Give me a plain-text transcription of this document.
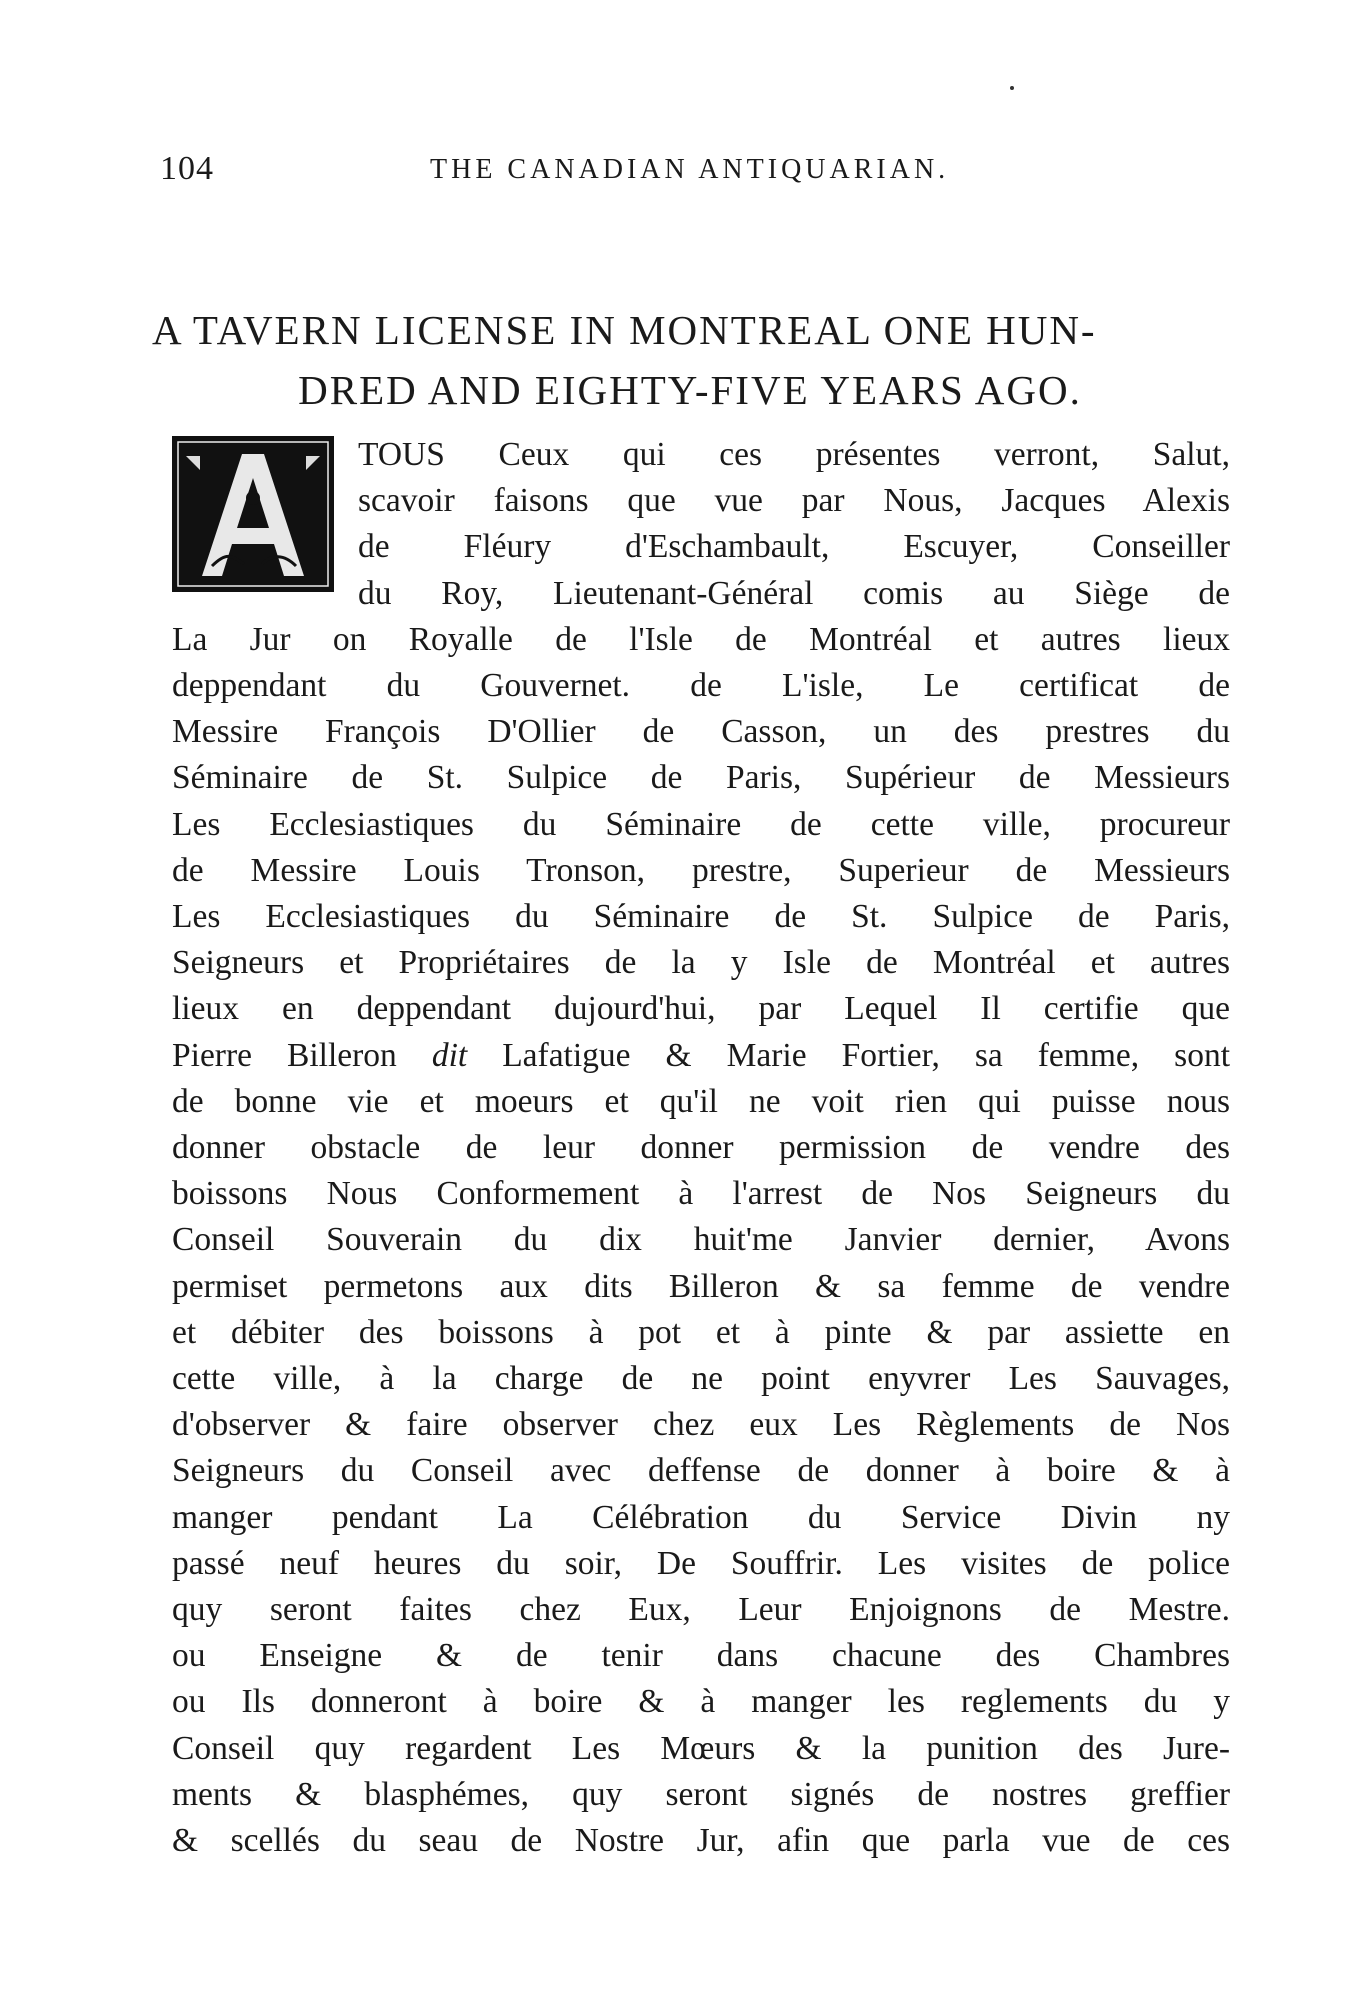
104	THE CANADIAN ANTIQUARIAN.
A TAVERN LICENSE IN MONTREAL ONE HUN-
DRED AND EIGHTY-FIVE YEARS AGO.
TOUS Ceux qui ces présentes verront, Salut,
scavoir faisons que vue par Nous, Jacques Alexis
de Fléury d'Eschambault, Escuyer, Conseiller
du Roy, Lieutenant-Général comis au Siège de
La Jur on Royalle de l'Isle de Montréal et autres lieux
deppendant du Gouvernet. de L'isle, Le certificat de
Messire François D'Ollier de Casson, un des prestres du
Séminaire de St. Sulpice de Paris, Supérieur de Messieurs
Les Ecclesiastiques du Séminaire de cette ville, procureur
de Messire Louis Tronson, prestre, Superieur de Messieurs
Les Ecclesiastiques du Séminaire de St. Sulpice de Paris,
Seigneurs et Propriétaires de la y Isle de Montréal et autres
lieux en deppendant dujourd'hui, par Lequel Il certifie que
Pierre Billeron dit Lafatigue & Marie Fortier, sa femme, sont
de bonne vie et moeurs et qu'il ne voit rien qui puisse nous
donner obstacle de leur donner permission de vendre des
boissons Nous Conformement à l'arrest de Nos Seigneurs du
Conseil Souverain du dix huit'me Janvier dernier, Avons
permiset permetons aux dits Billeron & sa femme de vendre
et débiter des boissons à pot et à pinte & par assiette en
cette ville, à la charge de ne point enyvrer Les Sauvages,
d'observer & faire observer chez eux Les Règlements de Nos
Seigneurs du Conseil avec deffense de donner à boire & à
manger pendant La Célébration du Service Divin ny
passé neuf heures du soir, De Souffrir. Les visites de police
quy seront faites chez Eux, Leur Enjoignons de Mestre.
ou Enseigne & de tenir dans chacune des Chambres
ou Ils donneront à boire & à manger les reglements du y
Conseil quy regardent Les Mœurs & la punition des Jure-
ments & blasphémes, quy seront signés de nostres greffier
& scellés du seau de Nostre Jur, afin que parla vue de ces
